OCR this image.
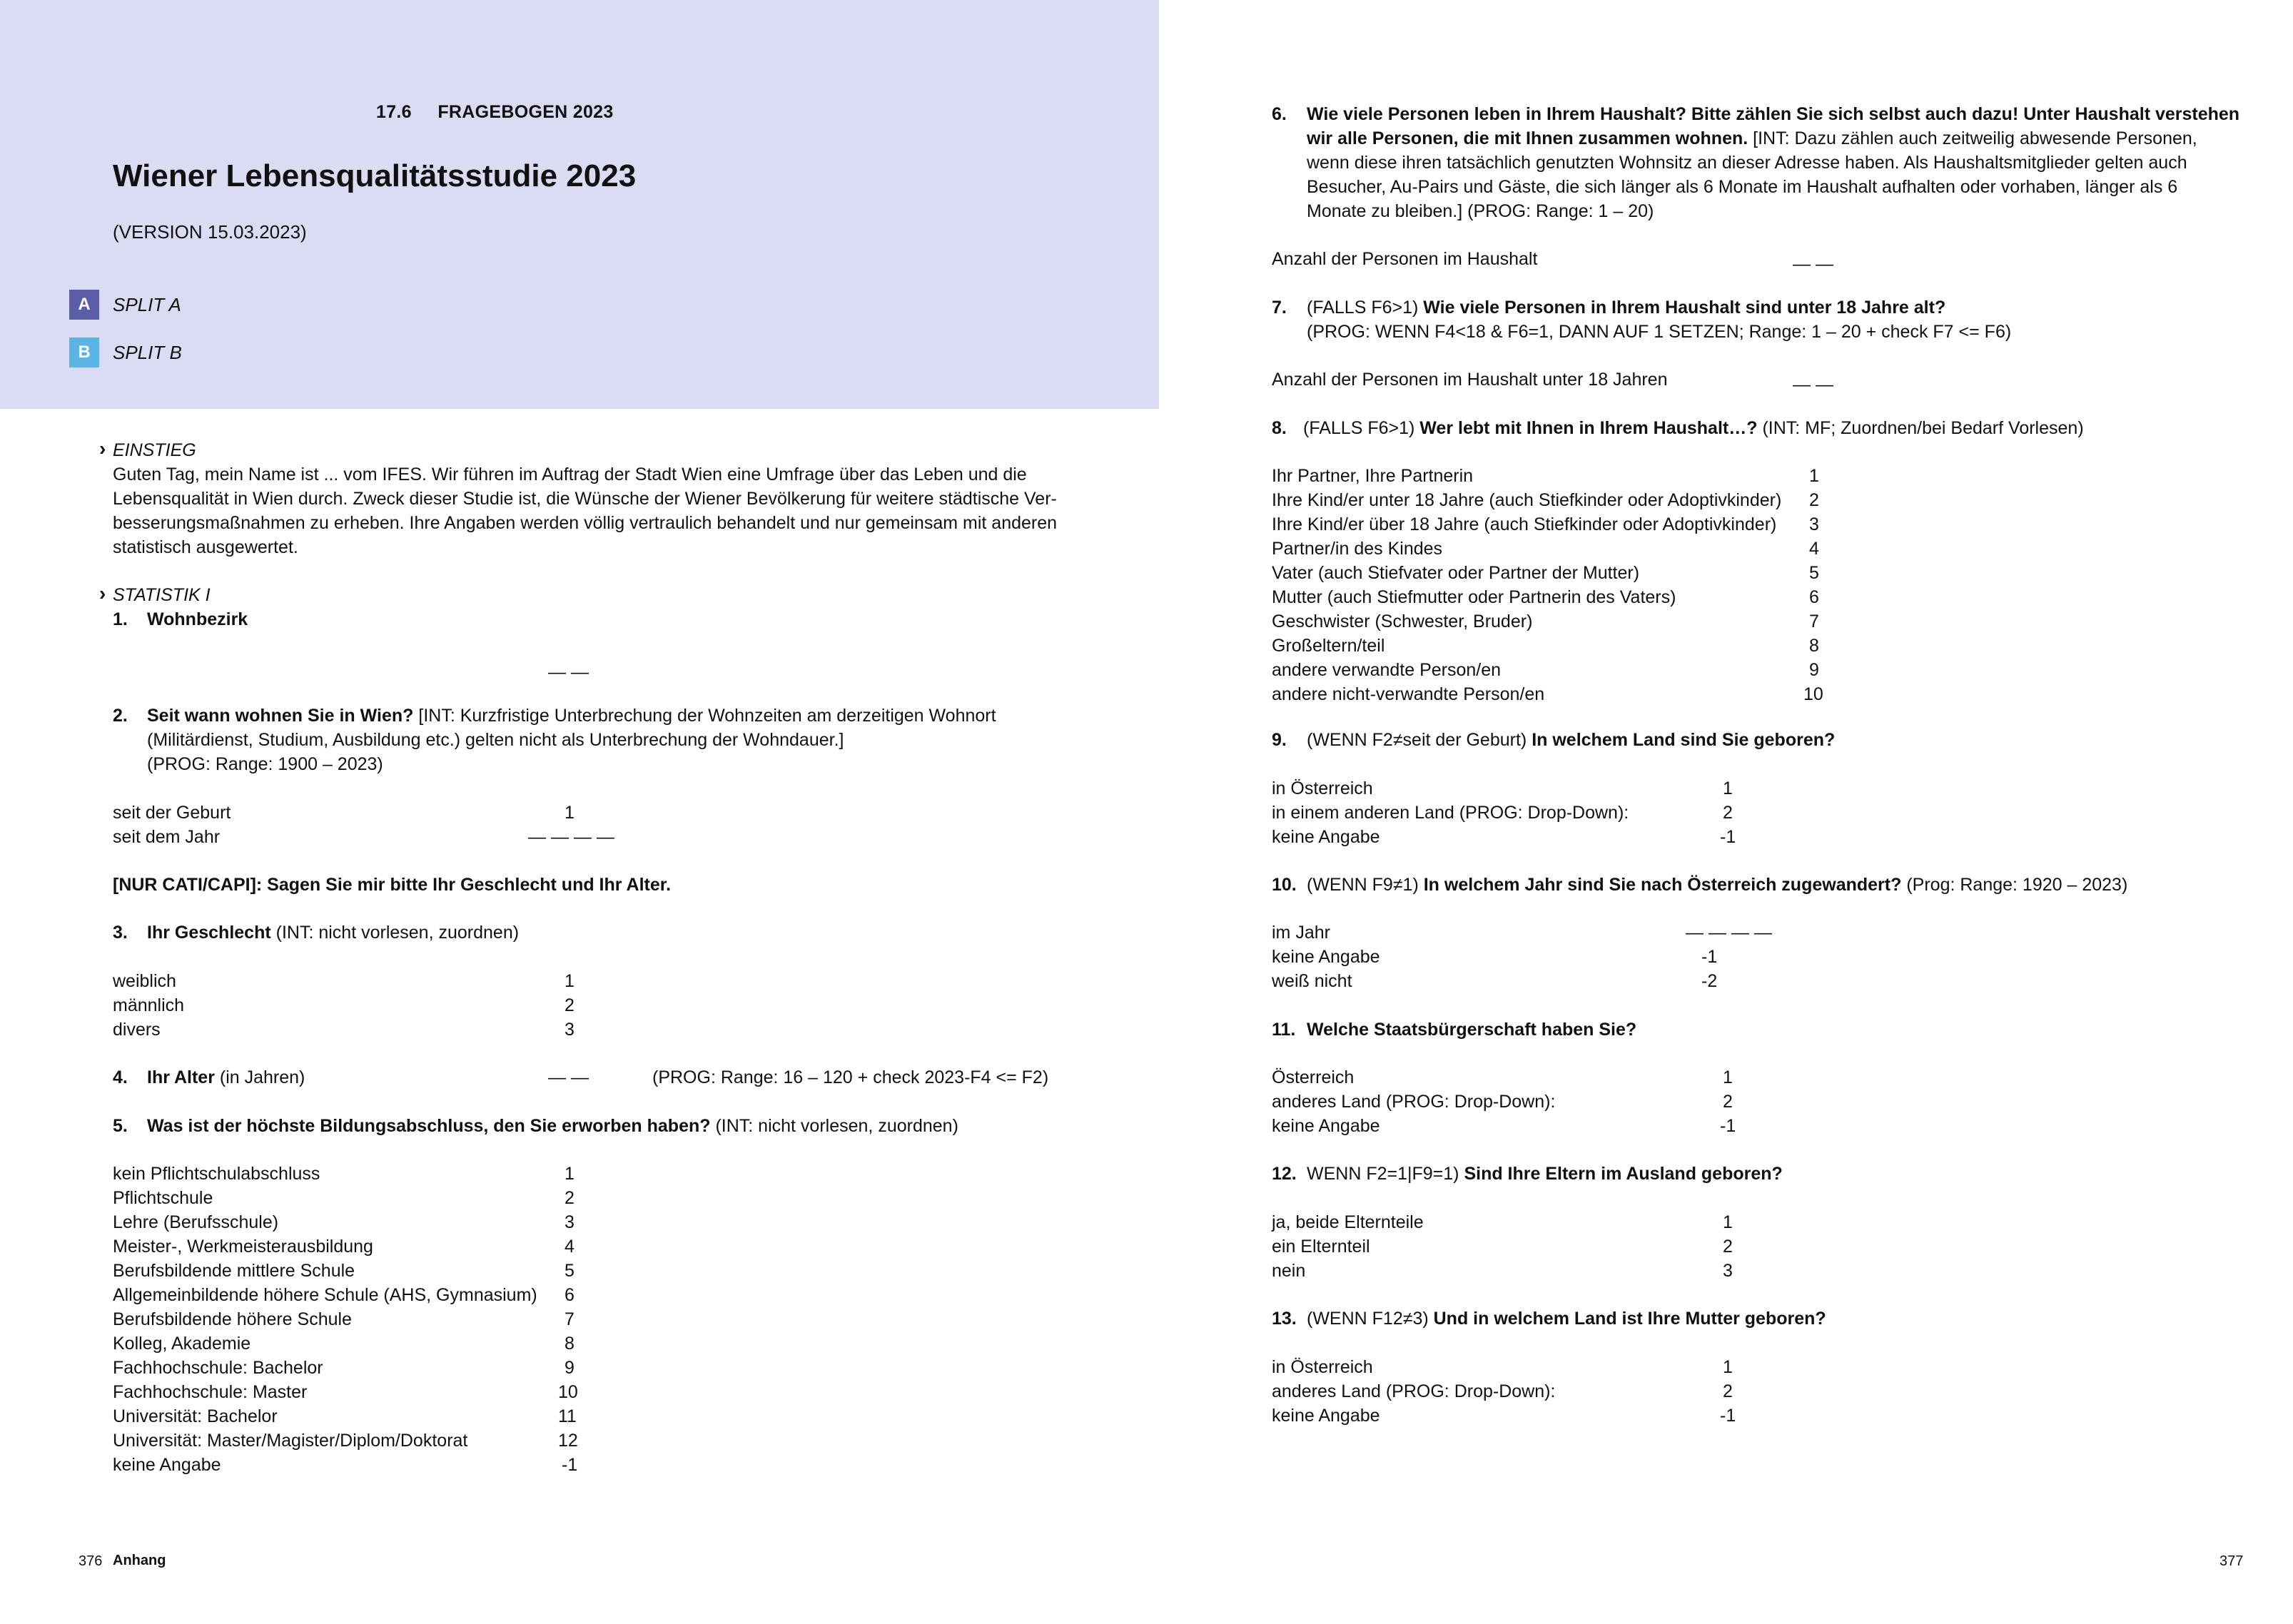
17.6 FRAGEBOGEN 2023
Wiener Lebensqualitätsstudie 2023
(VERSION 15.03.2023)
A	SPLIT A
B	SPLIT B
› EINSTIEG
Guten Tag, mein Name ist ... vom IFES. Wir führen im Auftrag der Stadt Wien eine Umfrage über das Leben und die
Lebensqualität in Wien durch. Zweck dieser Studie ist, die Wünsche der Wiener Bevölkerung für weitere städtische Ver-
besserungsmaßnahmen zu erheben. Ihre Angaben werden völlig vertraulich behandelt und nur gemeinsam mit anderen
statistisch ausgewertet.
› STATISTIK I
1. Wohnbezirk
— —
2. Seit wann wohnen Sie in Wien? [INT: Kurzfristige Unterbrechung der Wohnzeiten am derzeitigen Wohnort
(Militärdienst, Studium, Ausbildung etc.) gelten nicht als Unterbrechung der Wohndauer.]
(PROG: Range: 1900 – 2023)
seit der Geburt	1
seit dem Jahr	— — — —
[NUR CATI/CAPI]: Sagen Sie mir bitte Ihr Geschlecht und Ihr Alter.
3. Ihr Geschlecht (INT: nicht vorlesen, zuordnen)
weiblich	1
männlich	2
divers	3
4. Ihr Alter (in Jahren)	— —	(PROG: Range: 16 – 120 + check 2023-F4 <= F2)
5. Was ist der höchste Bildungsabschluss, den Sie erworben haben? (INT: nicht vorlesen, zuordnen)
kein Pflichtschulabschluss	1
Pflichtschule	2
Lehre (Berufsschule)	3
Meister-, Werkmeisterausbildung	4
Berufsbildende mittlere Schule	5
Allgemeinbildende höhere Schule (AHS, Gymnasium) 6
Berufsbildende höhere Schule	7
Kolleg, Akademie	8
Fachhochschule: Bachelor	9
Fachhochschule: Master	10
Universität: Bachelor	11
Universität: Master/Magister/Diplom/Doktorat	12
keine Angabe	-1
376 Anhang
6. Wie viele Personen leben in Ihrem Haushalt? Bitte zählen Sie sich selbst auch dazu! Unter Haushalt verstehen
wir alle Personen, die mit Ihnen zusammen wohnen. [INT: Dazu zählen auch zeitweilig abwesende Personen,
wenn diese ihren tatsächlich genutzten Wohnsitz an dieser Adresse haben. Als Haushaltsmitglieder gelten auch
Besucher, Au-Pairs und Gäste, die sich länger als 6 Monate im Haushalt aufhalten oder vorhaben, länger als 6
Monate zu bleiben.] (PROG: Range: 1 – 20)
Anzahl der Personen im Haushalt	— —
7. (FALLS F6>1) Wie viele Personen in Ihrem Haushalt sind unter 18 Jahre alt?
(PROG: WENN F4<18 & F6=1, DANN AUF 1 SETZEN; Range: 1 – 20 + check F7 <= F6)
Anzahl der Personen im Haushalt unter 18 Jahren	— —
8. (FALLS F6>1) Wer lebt mit Ihnen in Ihrem Haushalt…? (INT: MF; Zuordnen/bei Bedarf Vorlesen)
Ihr Partner, Ihre Partnerin	1
Ihre Kind/er unter 18 Jahre (auch Stiefkinder oder Adoptivkinder) 2
Ihre Kind/er über 18 Jahre (auch Stiefkinder oder Adoptivkinder) 3
Partner/in des Kindes	4
Vater (auch Stiefvater oder Partner der Mutter)	5
Mutter (auch Stiefmutter oder Partnerin des Vaters)	6
Geschwister (Schwester, Bruder)	7
Großeltern/teil	8
andere verwandte Person/en	9
andere nicht-verwandte Person/en	10
9. (WENN F2≠seit der Geburt) In welchem Land sind Sie geboren?
in Österreich	1
in einem anderen Land (PROG: Drop-Down):	2
keine Angabe	-1
10. (WENN F9≠1) In welchem Jahr sind Sie nach Österreich zugewandert? (Prog: Range: 1920 – 2023)
im Jahr	— — — —
keine Angabe	-1
weiß nicht	-2
11. Welche Staatsbürgerschaft haben Sie?
Österreich	1
anderes Land (PROG: Drop-Down):	2
keine Angabe	-1
12. WENN F2=1|F9=1) Sind Ihre Eltern im Ausland geboren?
ja, beide Elternteile	1
ein Elternteil	2
nein	3
13. (WENN F12≠3) Und in welchem Land ist Ihre Mutter geboren?
in Österreich	1
anderes Land (PROG: Drop-Down):	2
keine Angabe	-1
377
